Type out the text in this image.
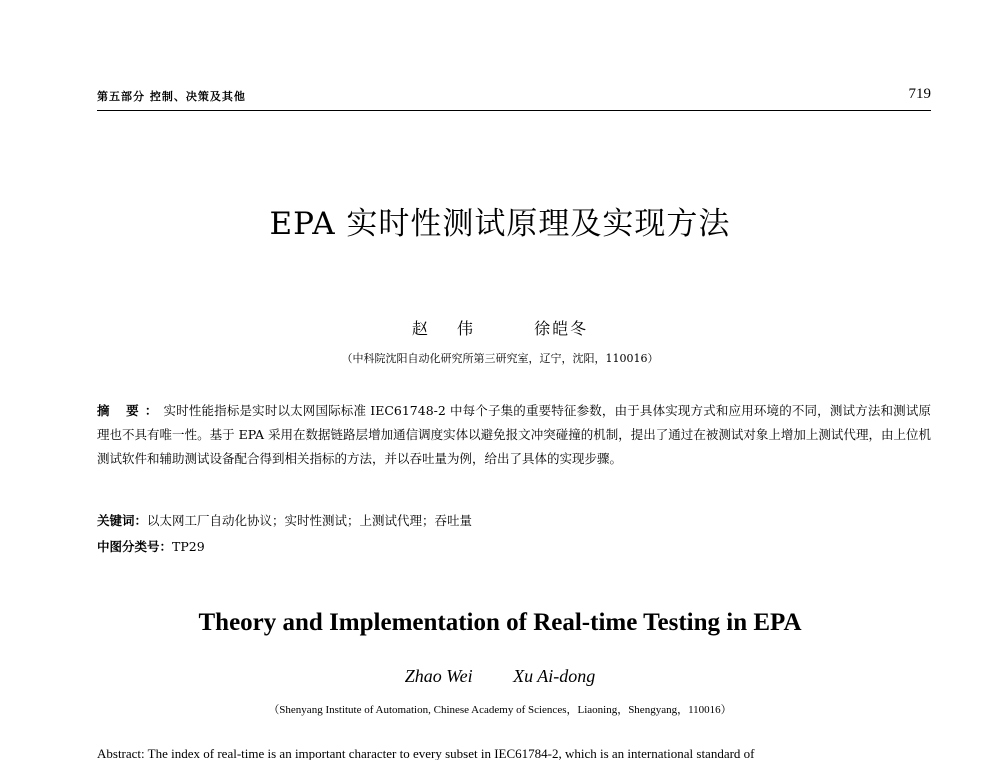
第五部分 控制、决策及其他	719
EPA 实时性测试原理及实现方法
赵 伟	徐皑冬
（中科院沈阳自动化研究所第三研究室，辽宁，沈阳，110016）
摘 要：实时性能指标是实时以太网国际标准 IEC61748-2 中每个子集的重要特征参数，由于具体实现方式和应用环境的不同，测试方法和测试原理也不具有唯一性。基于 EPA 采用在数据链路层增加通信调度实体以避免报文冲突碰撞的机制，提出了通过在被测试对象上增加上测试代理，由上位机测试软件和辅助测试设备配合得到相关指标的方法，并以吞吐量为例，给出了具体的实现步骤。
关键词：以太网工厂自动化协议；实时性测试；上测试代理；吞吐量
中图分类号：TP29
Theory and Implementation of Real-time Testing in EPA
Zhao Wei Xu Ai-dong
（Shenyang Institute of Automation, Chinese Academy of Sciences，Liaoning，Shengyang，110016）
Abstract: The index of real-time is an important character to every subset in IEC61784-2, which is an international standard of
